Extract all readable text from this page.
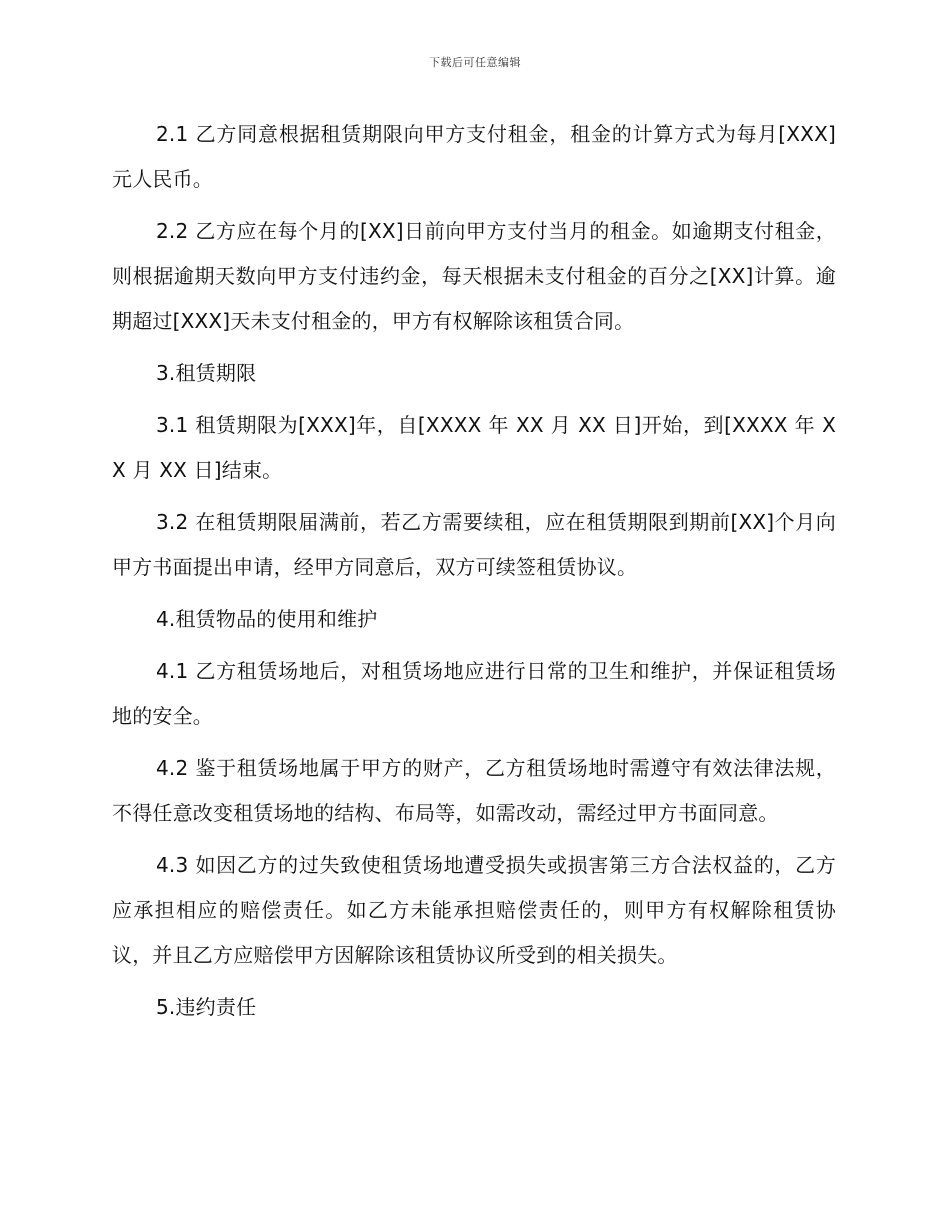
下载后可任意编辑

2.1 乙方同意根据租赁期限向甲方支付租金，租金的计算方式为每月[XXX]元人民币。

2.2 乙方应在每个月的[XX]日前向甲方支付当月的租金。如逾期支付租金，则根据逾期天数向甲方支付违约金，每天根据未支付租金的百分之[XX]计算。逾期超过[XXX]天未支付租金的，甲方有权解除该租赁合同。

3.租赁期限

3.1 租赁期限为[XXX]年，自[XXXX 年 XX 月 XX 日]开始，到[XXXX 年 XX 月 XX 日]结束。

3.2 在租赁期限届满前，若乙方需要续租，应在租赁期限到期前[XX]个月向甲方书面提出申请，经甲方同意后，双方可续签租赁协议。

4.租赁物品的使用和维护

4.1 乙方租赁场地后，对租赁场地应进行日常的卫生和维护，并保证租赁场地的安全。

4.2 鉴于租赁场地属于甲方的财产，乙方租赁场地时需遵守有效法律法规，不得任意改变租赁场地的结构、布局等，如需改动，需经过甲方书面同意。

4.3 如因乙方的过失致使租赁场地遭受损失或损害第三方合法权益的，乙方应承担相应的赔偿责任。如乙方未能承担赔偿责任的，则甲方有权解除租赁协议，并且乙方应赔偿甲方因解除该租赁协议所受到的相关损失。

5.违约责任
